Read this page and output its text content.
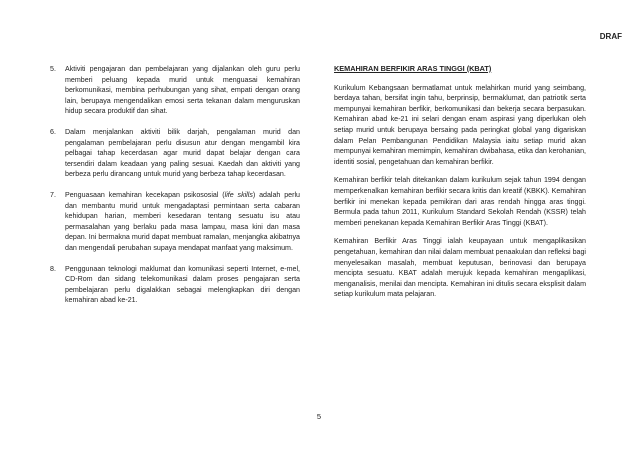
DRAF
5.	Aktiviti pengajaran dan pembelajaran yang dijalankan oleh guru perlu memberi peluang kepada murid untuk menguasai kemahiran berkomunikasi, membina perhubungan yang sihat, empati dengan orang lain, berupaya mengendalikan emosi serta tekanan dalam menguruskan hidup secara produktif dan sihat.
6.	Dalam menjalankan aktiviti bilik darjah, pengalaman murid dan pengalaman pembelajaran perlu disusun atur dengan mengambil kira pelbagai tahap kecerdasan agar murid dapat belajar dengan cara tersendiri dalam keadaan yang paling sesuai. Kaedah dan aktiviti yang berbeza perlu dirancang untuk murid yang berbeza tahap kecerdasan.
7.	Penguasaan kemahiran kecekapan psikososial (life skills) adalah perlu dan membantu murid untuk mengadaptasi permintaan serta cabaran kehidupan harian, memberi kesedaran tentang sesuatu isu atau permasalahan yang berlaku pada masa lampau, masa kini dan masa depan. Ini bermakna murid dapat membuat ramalan, menjangka akibatnya dan mengendali perubahan supaya mendapat manfaat yang maksimum.
8.	Penggunaan teknologi maklumat dan komunikasi seperti Internet, e-mel, CD-Rom dan sidang telekomunikasi dalam proses pengajaran serta pembelajaran perlu digalakkan sebagai melengkapkan diri dengan kemahiran abad ke-21.
KEMAHIRAN BERFIKIR ARAS TINGGI (KBAT)
Kurikulum Kebangsaan bermatlamat untuk melahirkan murid yang seimbang, berdaya tahan, bersifat ingin tahu, berprinsip, bermaklumat, dan patriotik serta mempunyai kemahiran berfikir, berkomunikasi dan bekerja secara berpasukan. Kemahiran abad ke-21 ini selari dengan enam aspirasi yang diperlukan oleh setiap murid untuk berupaya bersaing pada peringkat global yang digariskan dalam Pelan Pembangunan Pendidikan Malaysia iaitu setiap murid akan mempunyai kemahiran memimpin, kemahiran dwibahasa, etika dan kerohanian, identiti sosial, pengetahuan dan kemahiran berfikir.
Kemahiran berfikir telah ditekankan dalam kurikulum sejak tahun 1994 dengan memperkenalkan kemahiran berfikir secara kritis dan kreatif (KBKK). Kemahiran berfikir ini menekan kepada pemikiran dari aras rendah hingga aras tinggi. Bermula pada tahun 2011, Kurikulum Standard Sekolah Rendah (KSSR) telah memberi penekanan kepada Kemahiran Berfikir Aras Tinggi (KBAT).
Kemahiran Berfikir Aras Tinggi ialah keupayaan untuk mengaplikasikan pengetahuan, kemahiran dan nilai dalam membuat penaakulan dan refleksi bagi menyelesaikan masalah, membuat keputusan, berinovasi dan berupaya mencipta sesuatu. KBAT adalah merujuk kepada kemahiran mengaplikasi, menganalisis, menilai dan mencipta. Kemahiran ini ditulis secara eksplisit dalam setiap kurikulum mata pelajaran.
5
